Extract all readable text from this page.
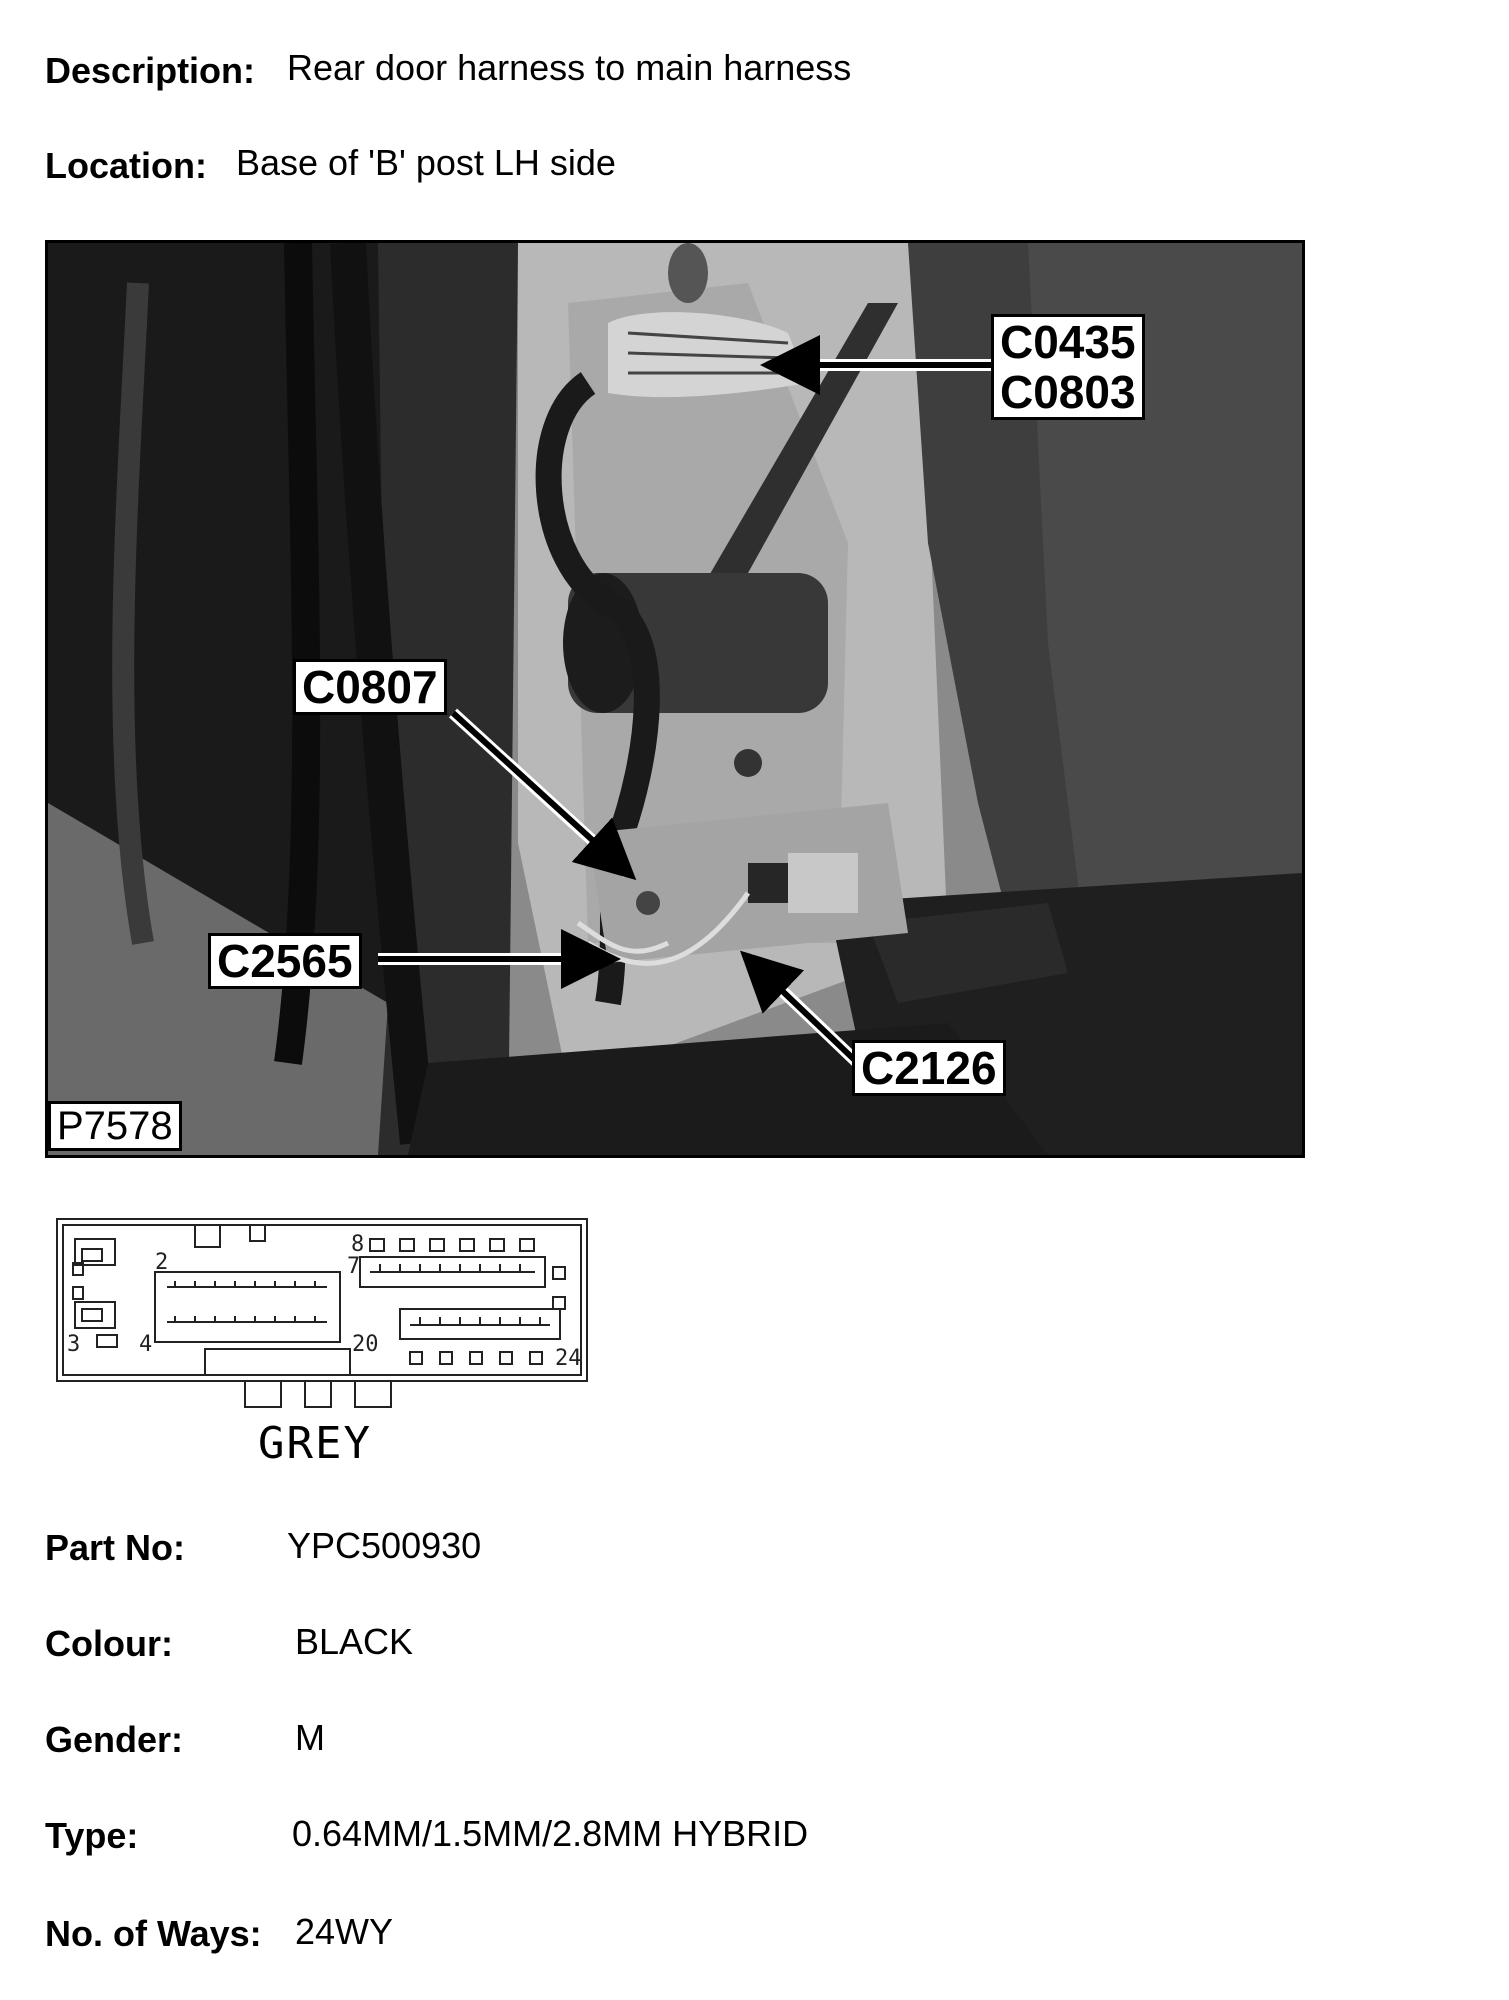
Description: Rear door harness to main harness
Location: Base of 'B' post LH side
C0435
C0803
C0807
C2565
C2126
P7578
2
3	4
7
8
20
24
GREY
Part No:	YPC500930
Colour:	BLACK
Gender:	M
Type:	0.64MM/1.5MM/2.8MM HYBRID
No. of Ways: 24WY
